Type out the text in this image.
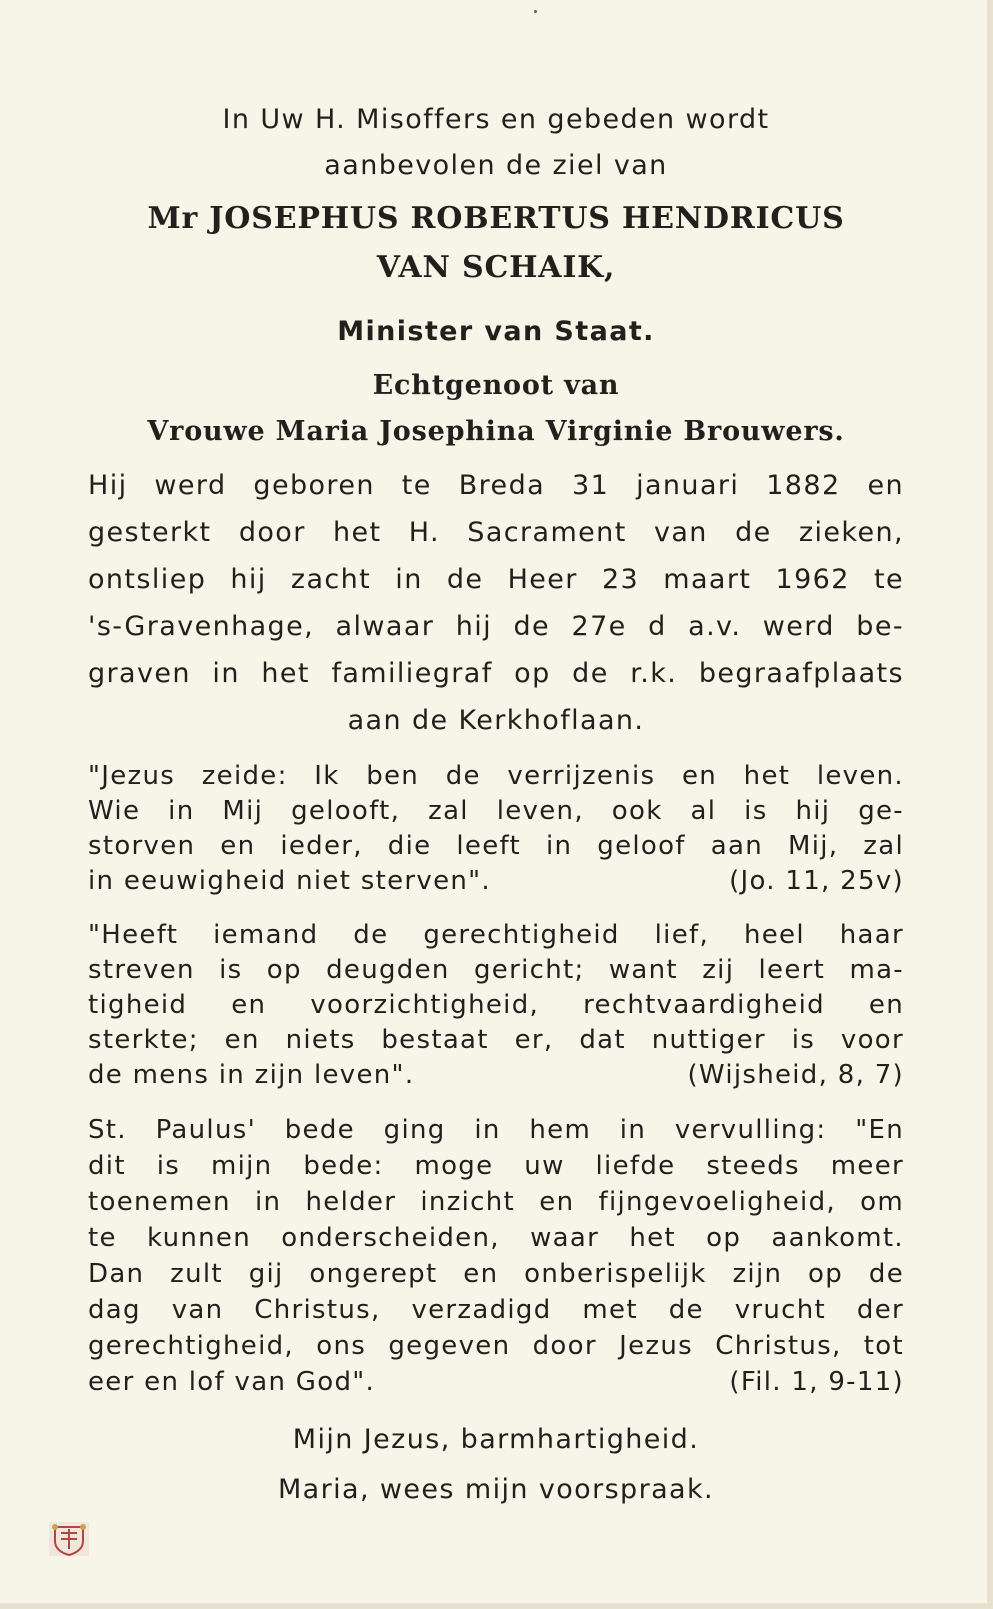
In Uw H. Misoffers en gebeden wordt
aanbevolen de ziel van
Mr JOSEPHUS ROBERTUS HENDRICUS
VAN SCHAIK,
Minister van Staat.
Echtgenoot van
Vrouwe Maria Josephina Virginie Brouwers.
Hij werd geboren te Breda 31 januari 1882 en
gesterkt door het H. Sacrament van de zieken,
ontsliep hij zacht in de Heer 23 maart 1962 te
's-Gravenhage, alwaar hij de 27e d a.v. werd be-
graven in het familiegraf op de r.k. begraafplaats
aan de Kerkhoflaan.
"Jezus zeide: Ik ben de verrijzenis en het leven.
Wie in Mij gelooft, zal leven, ook al is hij ge-
storven en ieder, die leeft in geloof aan Mij, zal
in eeuwigheid niet sterven".	(Jo. 11, 25v)
"Heeft iemand de gerechtigheid lief, heel haar
streven is op deugden gericht; want zij leert ma-
tigheid en voorzichtigheid, rechtvaardigheid en
sterkte; en niets bestaat er, dat nuttiger is voor
de mens in zijn leven".	(Wijsheid, 8, 7)
St. Paulus' bede ging in hem in vervulling: "En
dit is mijn bede: moge uw liefde steeds meer
toenemen in helder inzicht en fijngevoeligheid, om
te kunnen onderscheiden, waar het op aankomt.
Dan zult gij ongerept en onberispelijk zijn op de
dag van Christus, verzadigd met de vrucht der
gerechtigheid, ons gegeven door Jezus Christus, tot
eer en lof van God".	(Fil. 1, 9-11)
Mijn Jezus, barmhartigheid.
Maria, wees mijn voorspraak.
